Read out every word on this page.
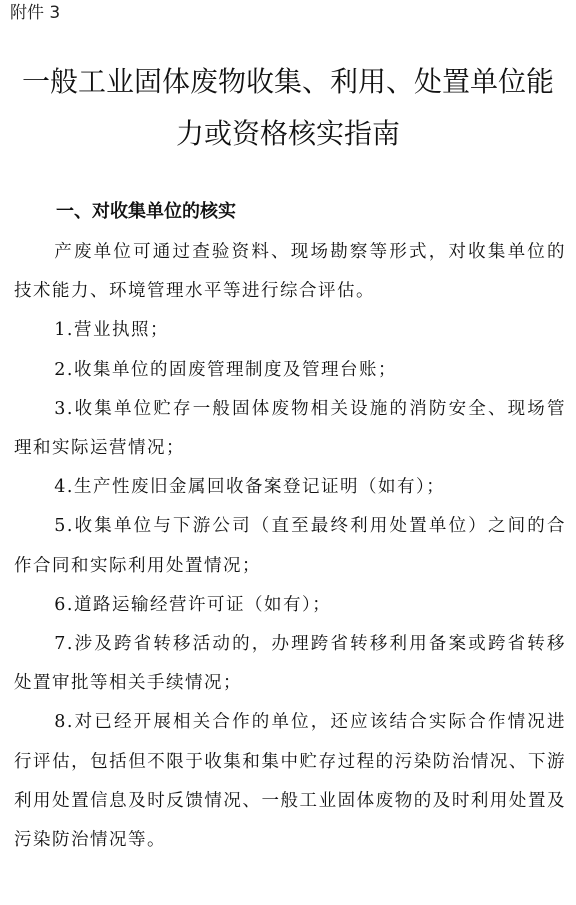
附件 3
一般工业固体废物收集、利用、处置单位能
力或资格核实指南
一、对收集单位的核实

产废单位可通过查验资料、现场勘察等形式，对收集单位的技术能力、环境管理水平等进行综合评估。

1.营业执照；

2.收集单位的固废管理制度及管理台账；

3.收集单位贮存一般固体废物相关设施的消防安全、现场管理和实际运营情况；

4.生产性废旧金属回收备案登记证明（如有）；

5.收集单位与下游公司（直至最终利用处置单位）之间的合作合同和实际利用处置情况；

6.道路运输经营许可证（如有）；

7.涉及跨省转移活动的，办理跨省转移利用备案或跨省转移处置审批等相关手续情况；

8.对已经开展相关合作的单位，还应该结合实际合作情况进行评估，包括但不限于收集和集中贮存过程的污染防治情况、下游利用处置信息及时反馈情况、一般工业固体废物的及时利用处置及污染防治情况等。
